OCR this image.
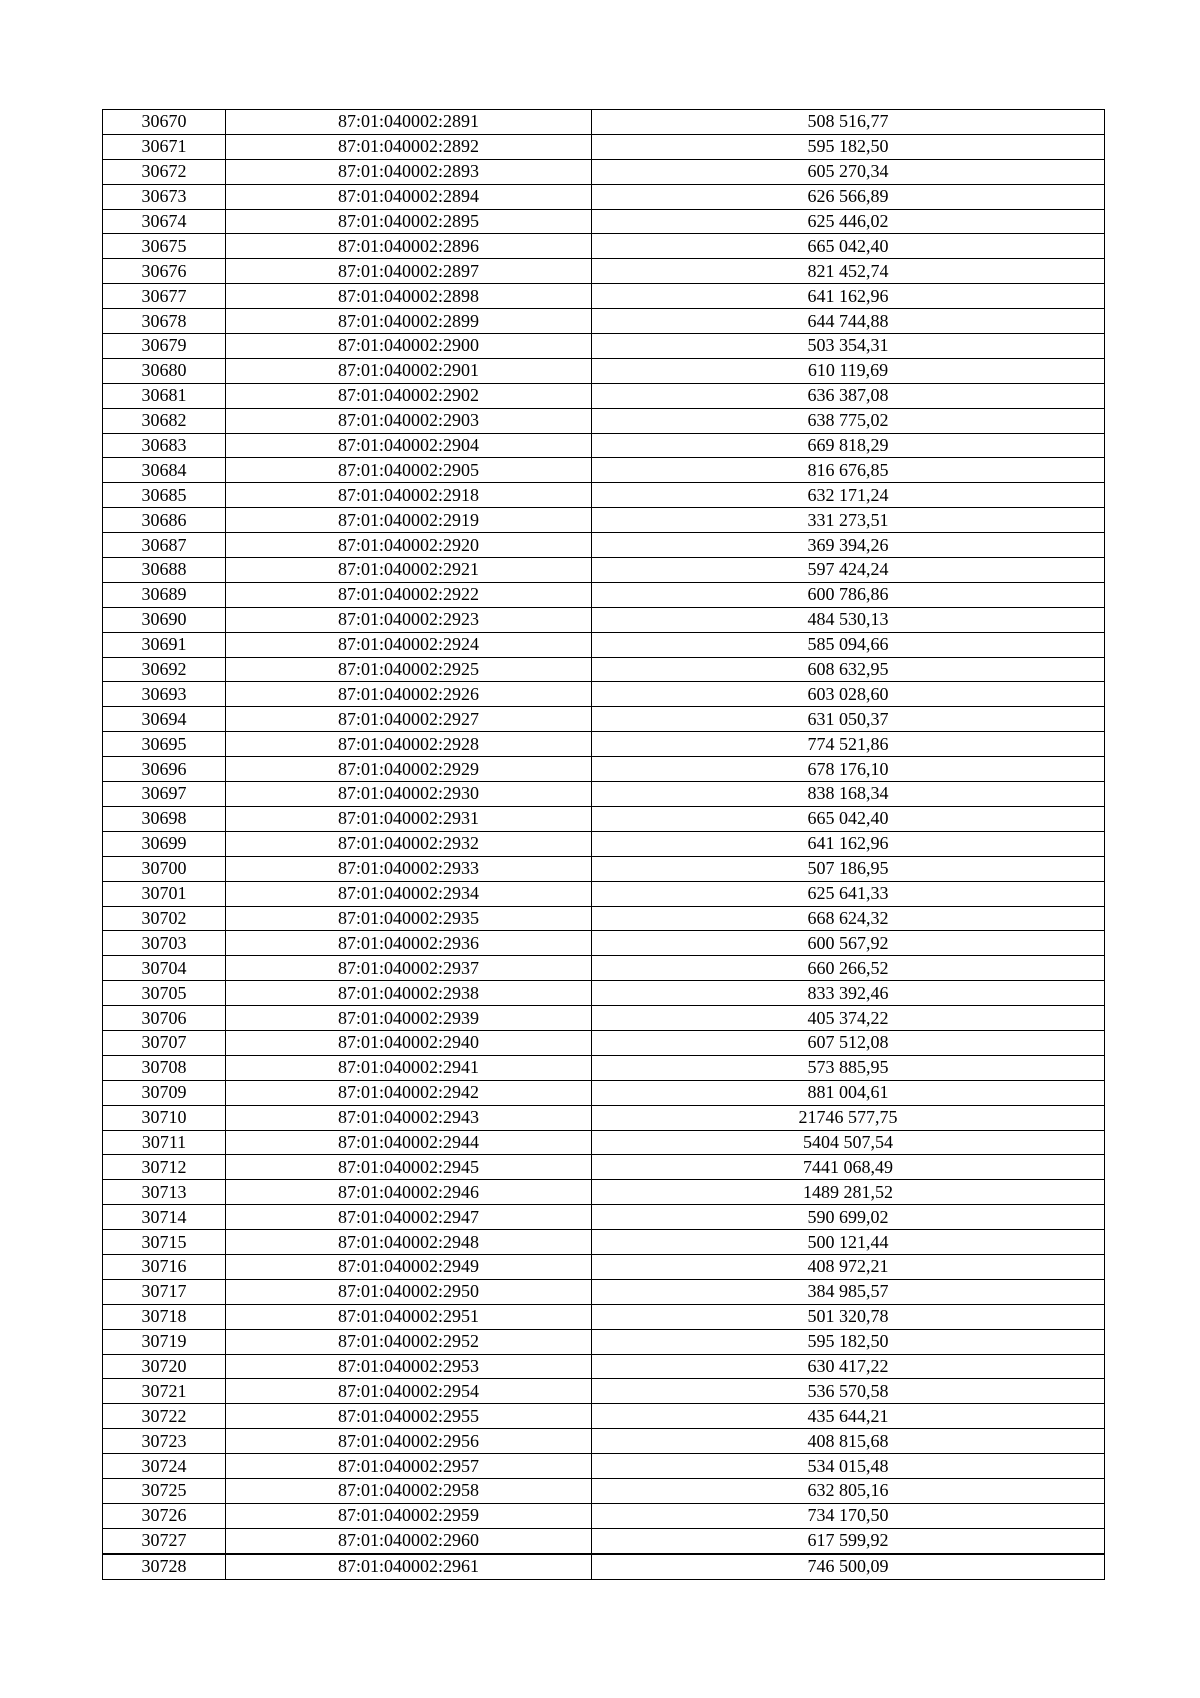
30670	87:01:040002:2891	508 516,77
30671	87:01:040002:2892	595 182,50
30672	87:01:040002:2893	605 270,34
30673	87:01:040002:2894	626 566,89
30674	87:01:040002:2895	625 446,02
30675	87:01:040002:2896	665 042,40
30676	87:01:040002:2897	821 452,74
30677	87:01:040002:2898	641 162,96
30678	87:01:040002:2899	644 744,88
30679	87:01:040002:2900	503 354,31
30680	87:01:040002:2901	610 119,69
30681	87:01:040002:2902	636 387,08
30682	87:01:040002:2903	638 775,02
30683	87:01:040002:2904	669 818,29
30684	87:01:040002:2905	816 676,85
30685	87:01:040002:2918	632 171,24
30686	87:01:040002:2919	331 273,51
30687	87:01:040002:2920	369 394,26
30688	87:01:040002:2921	597 424,24
30689	87:01:040002:2922	600 786,86
30690	87:01:040002:2923	484 530,13
30691	87:01:040002:2924	585 094,66
30692	87:01:040002:2925	608 632,95
30693	87:01:040002:2926	603 028,60
30694	87:01:040002:2927	631 050,37
30695	87:01:040002:2928	774 521,86
30696	87:01:040002:2929	678 176,10
30697	87:01:040002:2930	838 168,34
30698	87:01:040002:2931	665 042,40
30699	87:01:040002:2932	641 162,96
30700	87:01:040002:2933	507 186,95
30701	87:01:040002:2934	625 641,33
30702	87:01:040002:2935	668 624,32
30703	87:01:040002:2936	600 567,92
30704	87:01:040002:2937	660 266,52
30705	87:01:040002:2938	833 392,46
30706	87:01:040002:2939	405 374,22
30707	87:01:040002:2940	607 512,08
30708	87:01:040002:2941	573 885,95
30709	87:01:040002:2942	881 004,61
30710	87:01:040002:2943	21746 577,75
30711	87:01:040002:2944	5404 507,54
30712	87:01:040002:2945	7441 068,49
30713	87:01:040002:2946	1489 281,52
30714	87:01:040002:2947	590 699,02
30715	87:01:040002:2948	500 121,44
30716	87:01:040002:2949	408 972,21
30717	87:01:040002:2950	384 985,57
30718	87:01:040002:2951	501 320,78
30719	87:01:040002:2952	595 182,50
30720	87:01:040002:2953	630 417,22
30721	87:01:040002:2954	536 570,58
30722	87:01:040002:2955	435 644,21
30723	87:01:040002:2956	408 815,68
30724	87:01:040002:2957	534 015,48
30725	87:01:040002:2958	632 805,16
30726	87:01:040002:2959	734 170,50
30727	87:01:040002:2960	617 599,92
30728	87:01:040002:2961	746 500,09
